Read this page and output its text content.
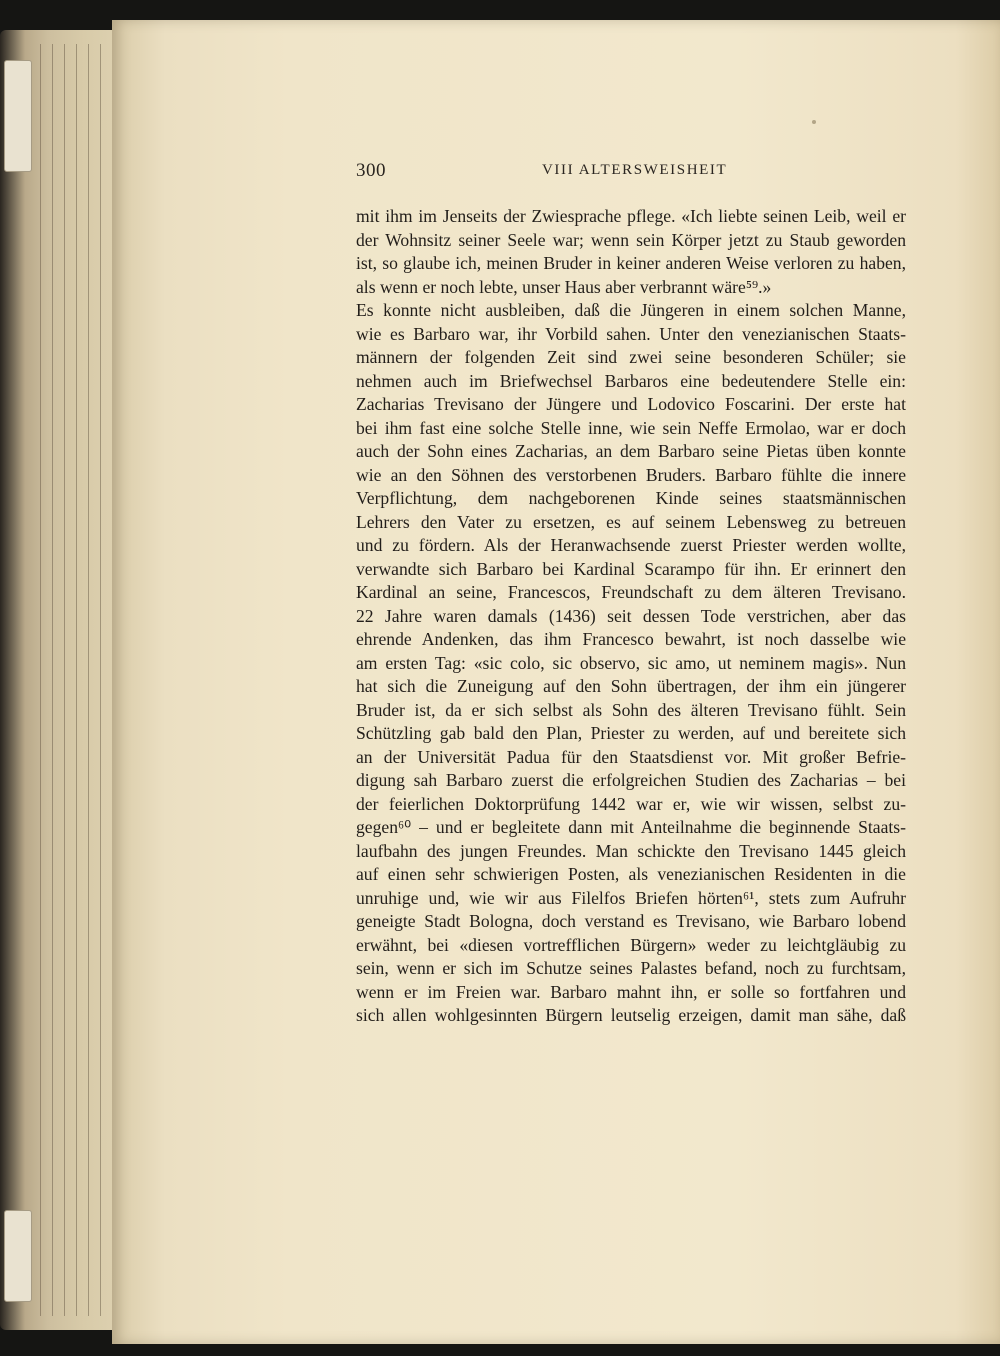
300	VIII ALTERSWEISHEIT
mit ihm im Jenseits der Zwiesprache pflege. «Ich liebte seinen Leib, weil er
der Wohnsitz seiner Seele war; wenn sein Körper jetzt zu Staub geworden
ist, so glaube ich, meinen Bruder in keiner anderen Weise verloren zu haben,
als wenn er noch lebte, unser Haus aber verbrannt wäre⁵⁹.»
Es konnte nicht ausbleiben, daß die Jüngeren in einem solchen Manne,
wie es Barbaro war, ihr Vorbild sahen. Unter den venezianischen Staats-
männern der folgenden Zeit sind zwei seine besonderen Schüler; sie
nehmen auch im Briefwechsel Barbaros eine bedeutendere Stelle ein:
Zacharias Trevisano der Jüngere und Lodovico Foscarini. Der erste hat
bei ihm fast eine solche Stelle inne, wie sein Neffe Ermolao, war er doch
auch der Sohn eines Zacharias, an dem Barbaro seine Pietas üben konnte
wie an den Söhnen des verstorbenen Bruders. Barbaro fühlte die innere
Verpflichtung, dem nachgeborenen Kinde seines staatsmännischen
Lehrers den Vater zu ersetzen, es auf seinem Lebensweg zu betreuen
und zu fördern. Als der Heranwachsende zuerst Priester werden wollte,
verwandte sich Barbaro bei Kardinal Scarampo für ihn. Er erinnert den
Kardinal an seine, Francescos, Freundschaft zu dem älteren Trevisano.
22 Jahre waren damals (1436) seit dessen Tode verstrichen, aber das
ehrende Andenken, das ihm Francesco bewahrt, ist noch dasselbe wie
am ersten Tag: «sic colo, sic observo, sic amo, ut neminem magis». Nun
hat sich die Zuneigung auf den Sohn übertragen, der ihm ein jüngerer
Bruder ist, da er sich selbst als Sohn des älteren Trevisano fühlt. Sein
Schützling gab bald den Plan, Priester zu werden, auf und bereitete sich
an der Universität Padua für den Staatsdienst vor. Mit großer Befrie-
digung sah Barbaro zuerst die erfolgreichen Studien des Zacharias – bei
der feierlichen Doktorprüfung 1442 war er, wie wir wissen, selbst zu-
gegen⁶⁰ – und er begleitete dann mit Anteilnahme die beginnende Staats-
laufbahn des jungen Freundes. Man schickte den Trevisano 1445 gleich
auf einen sehr schwierigen Posten, als venezianischen Residenten in die
unruhige und, wie wir aus Filelfos Briefen hörten⁶¹, stets zum Aufruhr
geneigte Stadt Bologna, doch verstand es Trevisano, wie Barbaro lobend
erwähnt, bei «diesen vortrefflichen Bürgern» weder zu leichtgläubig zu
sein, wenn er sich im Schutze seines Palastes befand, noch zu furchtsam,
wenn er im Freien war. Barbaro mahnt ihn, er solle so fortfahren und
sich allen wohlgesinnten Bürgern leutselig erzeigen, damit man sähe, daß
